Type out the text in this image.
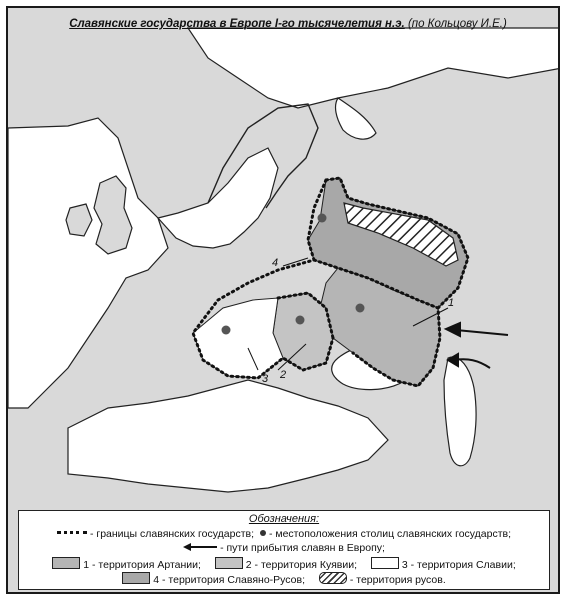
1
2
3
4
Славянские государства в Европе I-го тысячелетия н.э. (по Кольцову И.Е.)
Обозначения:
- границы славянских государств; - местоположения столиц славянских государств;
- пути прибытия славян в Европу;
1 - территория Артании;	2 - территория Куявии;	3 - территория Славии;
4 - территория Славяно-Русов;	- территория русов.
